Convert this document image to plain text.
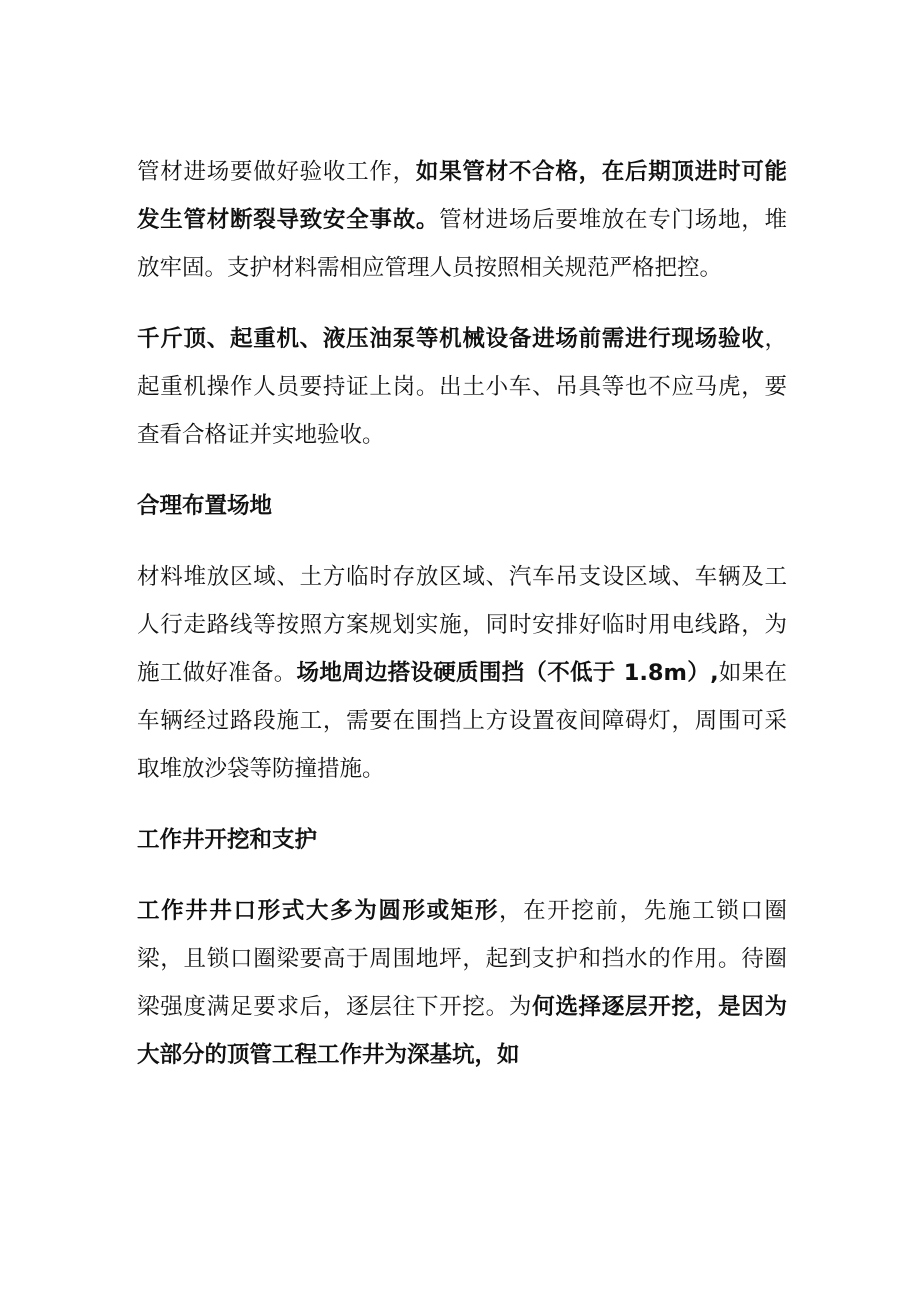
管材进场要做好验收工作，如果管材不合格，在后期顶进时可能发生管材断裂导致安全事故。管材进场后要堆放在专门场地，堆放牢固。支护材料需相应管理人员按照相关规范严格把控。

千斤顶、起重机、液压油泵等机械设备进场前需进行现场验收，起重机操作人员要持证上岗。出土小车、吊具等也不应马虎，要查看合格证并实地验收。

合理布置场地

材料堆放区域、土方临时存放区域、汽车吊支设区域、车辆及工人行走路线等按照方案规划实施，同时安排好临时用电线路，为施工做好准备。场地周边搭设硬质围挡（不低于 1.8m）,如果在车辆经过路段施工，需要在围挡上方设置夜间障碍灯，周围可采取堆放沙袋等防撞措施。

工作井开挖和支护

工作井井口形式大多为圆形或矩形，在开挖前，先施工锁口圈梁，且锁口圈梁要高于周围地坪，起到支护和挡水的作用。待圈梁强度满足要求后，逐层往下开挖。为何选择逐层开挖，是因为大部分的顶管工程工作井为深基坑，如
